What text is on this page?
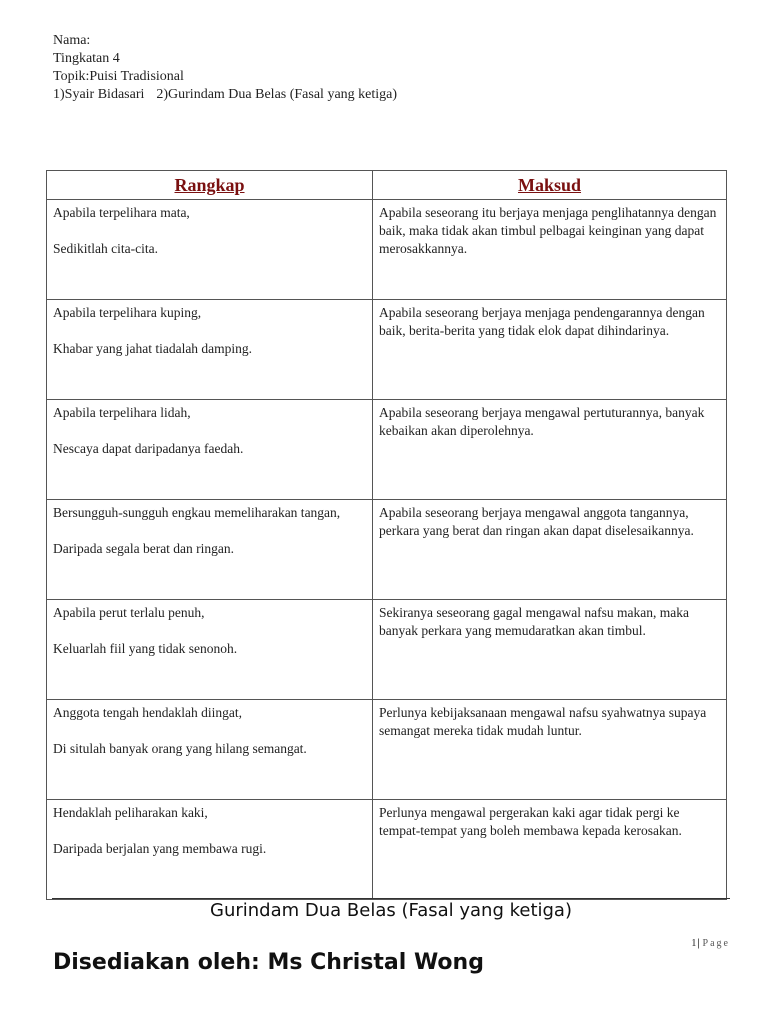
Nama:
Tingkatan 4
Topik:Puisi Tradisional
1)Syair Bidasari 2)Gurindam Dua Belas (Fasal yang ketiga)
Rangkap	Maksud

Apabila terpelihara mata,
Sedikitlah cita-cita.	Apabila seseorang itu berjaya menjaga penglihatannya dengan baik, maka tidak akan timbul pelbagai keinginan yang dapat merosakkannya.

Apabila terpelihara kuping,
Khabar yang jahat tiadalah damping.	Apabila seseorang berjaya menjaga pendengarannya dengan baik, berita-berita yang tidak elok dapat dihindarinya.

Apabila terpelihara lidah,
Nescaya dapat daripadanya faedah.	Apabila seseorang berjaya mengawal pertuturannya, banyak kebaikan akan diperolehnya.

Bersungguh-sungguh engkau memeliharakan tangan,
Daripada segala berat dan ringan.	Apabila seseorang berjaya mengawal anggota tangannya, perkara yang berat dan ringan akan dapat diselesaikannya.

Apabila perut terlalu penuh,
Keluarlah fiil yang tidak senonoh.	Sekiranya seseorang gagal mengawal nafsu makan, maka banyak perkara yang memudaratkan akan timbul.

Anggota tengah hendaklah diingat,
Di situlah banyak orang yang hilang semangat.	Perlunya kebijaksanaan mengawal nafsu syahwatnya supaya semangat mereka tidak mudah luntur.

Hendaklah peliharakan kaki,
Daripada berjalan yang membawa rugi.	Perlunya mengawal pergerakan kaki agar tidak pergi ke tempat-tempat yang boleh membawa kepada kerosakan.
Gurindam Dua Belas (Fasal yang ketiga)
1| Page
Disediakan oleh: Ms Christal Wong
